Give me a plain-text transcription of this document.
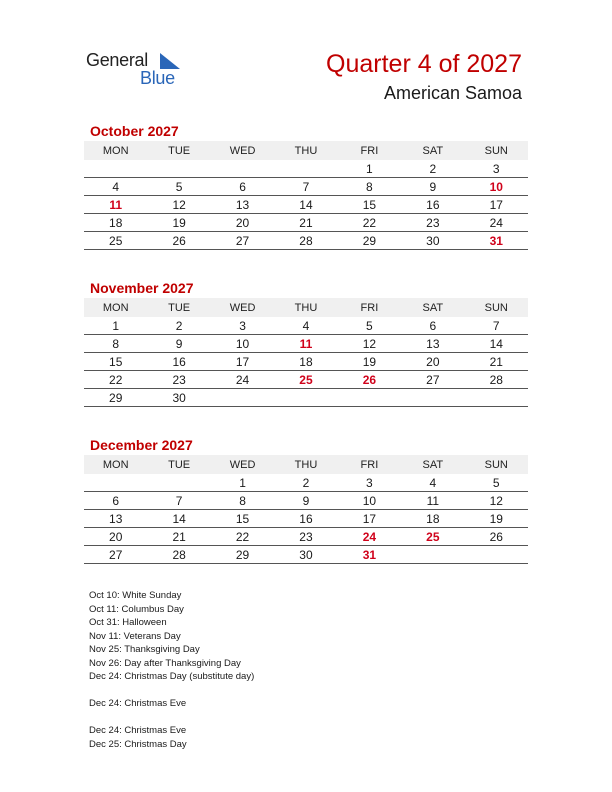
General
Blue	Quarter 4 of 2027
American Samoa
October 2027
MON	TUE	WED	THU	FRI	SAT	SUN
				1	2	3
4	5	6	7	8	9	10
11	12	13	14	15	16	17
18	19	20	21	22	23	24
25	26	27	28	29	30	31
November 2027
MON	TUE	WED	THU	FRI	SAT	SUN
1	2	3	4	5	6	7
8	9	10	11	12	13	14
15	16	17	18	19	20	21
22	23	24	25	26	27	28
29	30					
December 2027
MON	TUE	WED	THU	FRI	SAT	SUN
		1	2	3	4	5
6	7	8	9	10	11	12
13	14	15	16	17	18	19
20	21	22	23	24	25	26
27	28	29	30	31		
Oct 10: White Sunday
Oct 11: Columbus Day
Oct 31: Halloween
Nov 11: Veterans Day
Nov 25: Thanksgiving Day
Nov 26: Day after Thanksgiving Day
Dec 24: Christmas Day (substitute day)
Dec 24: Christmas Eve
Dec 24: Christmas Eve
Dec 25: Christmas Day
